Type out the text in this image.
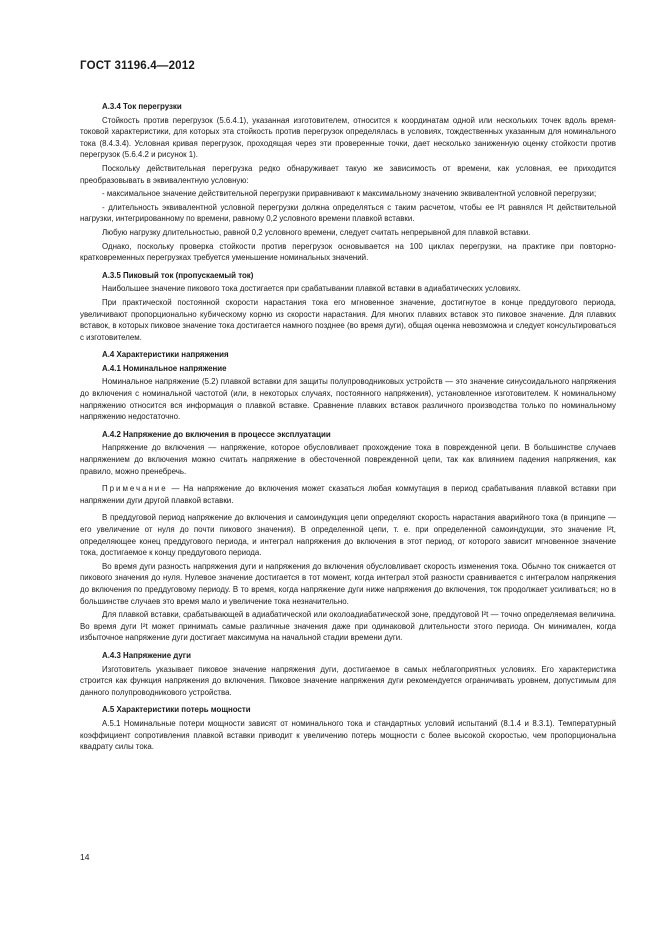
ГОСТ 31196.4—2012
А.3.4 Ток перегрузки
Стойкость против перегрузок (5.6.4.1), указанная изготовителем, относится к координатам одной или нескольких точек вдоль время-токовой характеристики, для которых эта стойкость против перегрузок определялась в условиях, тождественных указанным для номинального тока (8.4.3.4). Условная кривая перегрузок, проходящая через эти проверенные точки, дает несколько заниженную оценку стойкости против перегрузок (5.6.4.2 и рисунок 1).
Поскольку действительная перегрузка редко обнаруживает такую же зависимость от времени, как условная, ее приходится преобразовывать в эквивалентную условную:
- максимальное значение действительной перегрузки приравнивают к максимальному значению эквивалентной условной перегрузки;
- длительность эквивалентной условной перегрузки должна определяться с таким расчетом, чтобы ее I²t равнялся I²t действительной нагрузки, интегрированному по времени, равному 0,2 условного времени плавкой вставки.
Любую нагрузку длительностью, равной 0,2 условного времени, следует считать непрерывной для плавкой вставки.
Однако, поскольку проверка стойкости против перегрузок основывается на 100 циклах перегрузки, на практике при повторно-кратковременных перегрузках требуется уменьшение номинальных значений.
А.3.5 Пиковый ток (пропускаемый ток)
Наибольшее значение пикового тока достигается при срабатывании плавкой вставки в адиабатических условиях.
При практической постоянной скорости нарастания тока его мгновенное значение, достигнутое в конце преддугового периода, увеличивают пропорционально кубическому корню из скорости нарастания. Для многих плавких вставок это пиковое значение. Для плавких вставок, в которых пиковое значение тока достигается намного позднее (во время дуги), общая оценка невозможна и следует консультироваться с изготовителем.
А.4 Характеристики напряжения
А.4.1 Номинальное напряжение
Номинальное напряжение (5.2) плавкой вставки для защиты полупроводниковых устройств — это значение синусоидального напряжения до включения с номинальной частотой (или, в некоторых случаях, постоянного напряжения), установленное изготовителем. К номинальному напряжению относится вся информация о плавкой вставке. Сравнение плавких вставок различного производства только по номинальному напряжению недостаточно.
А.4.2 Напряжение до включения в процессе эксплуатации
Напряжение до включения — напряжение, которое обусловливает прохождение тока в поврежденной цепи. В большинстве случаев напряжением до включения можно считать напряжение в обесточенной поврежденной цепи, так как влиянием падения напряжения, как правило, можно пренебречь.
Примечание — На напряжение до включения может сказаться любая коммутация в период срабатывания плавкой вставки при напряжении дуги другой плавкой вставки.
В преддуговой период напряжение до включения и самоиндукция цепи определяют скорость нарастания аварийного тока (в принципе — его увеличение от нуля до почти пикового значения). В определенной цепи, т. е. при определенной самоиндукции, это значение I²t, определяющее конец преддугового периода, и интеграл напряжения до включения в этот период, от которого зависит мгновенное значение тока, достигаемое к концу преддугового периода.
Во время дуги разность напряжения дуги и напряжения до включения обусловливает скорость изменения тока. Обычно ток снижается от пикового значения до нуля. Нулевое значение достигается в тот момент, когда интеграл этой разности сравнивается с интегралом напряжения до включения по преддуговому периоду. В то время, когда напряжение дуги ниже напряжения до включения, ток продолжает усиливаться; но в большинстве случаев это время мало и увеличение тока незначительно.
Для плавкой вставки, срабатывающей в адиабатической или околоадиабатической зоне, преддуговой I²t — точно определяемая величина. Во время дуги I²t может принимать самые различные значения даже при одинаковой длительности этого периода. Он минимален, когда избыточное напряжение дуги достигает максимума на начальной стадии времени дуги.
А.4.3 Напряжение дуги
Изготовитель указывает пиковое значение напряжения дуги, достигаемое в самых неблагоприятных условиях. Его характеристика строится как функция напряжения до включения. Пиковое значение напряжения дуги рекомендуется ограничивать уровнем, допустимым для данного полупроводникового устройства.
А.5 Характеристики потерь мощности
А.5.1 Номинальные потери мощности зависят от номинального тока и стандартных условий испытаний (8.1.4 и 8.3.1). Температурный коэффициент сопротивления плавкой вставки приводит к увеличению потерь мощности с более высокой скоростью, чем пропорциональна квадрату силы тока.
14
